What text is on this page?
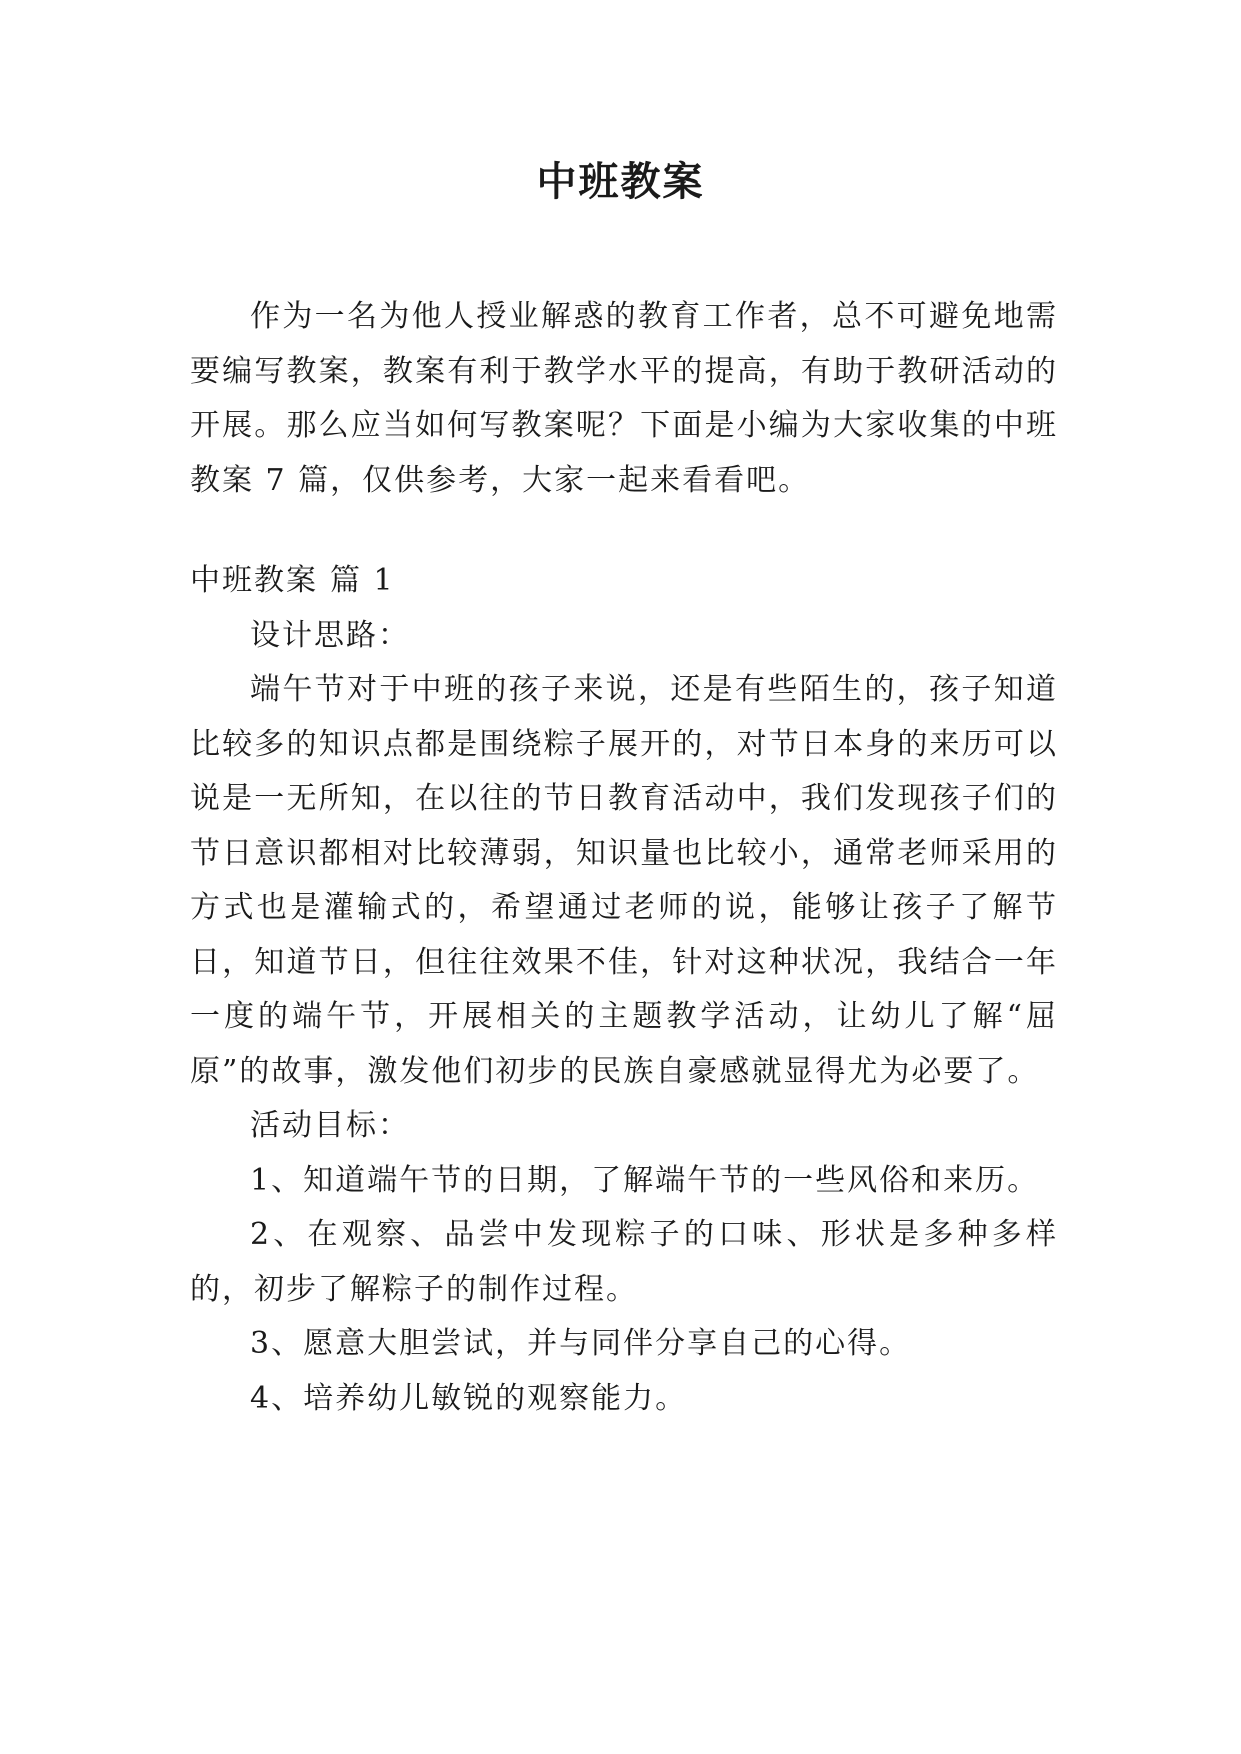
中班教案

作为一名为他人授业解惑的教育工作者，总不可避免地需要编写教案，教案有利于教学水平的提高，有助于教研活动的开展。那么应当如何写教案呢？下面是小编为大家收集的中班教案 7 篇，仅供参考，大家一起来看看吧。

中班教案 篇 1

设计思路：

端午节对于中班的孩子来说，还是有些陌生的，孩子知道比较多的知识点都是围绕粽子展开的，对节日本身的来历可以说是一无所知，在以往的节日教育活动中，我们发现孩子们的节日意识都相对比较薄弱，知识量也比较小，通常老师采用的方式也是灌输式的，希望通过老师的说，能够让孩子了解节日，知道节日，但往往效果不佳，针对这种状况，我结合一年一度的端午节，开展相关的主题教学活动，让幼儿了解“屈原”的故事，激发他们初步的民族自豪感就显得尤为必要了。

活动目标：

1、知道端午节的日期，了解端午节的一些风俗和来历。

2、在观察、品尝中发现粽子的口味、形状是多种多样的，初步了解粽子的制作过程。

3、愿意大胆尝试，并与同伴分享自己的心得。

4、培养幼儿敏锐的观察能力。
